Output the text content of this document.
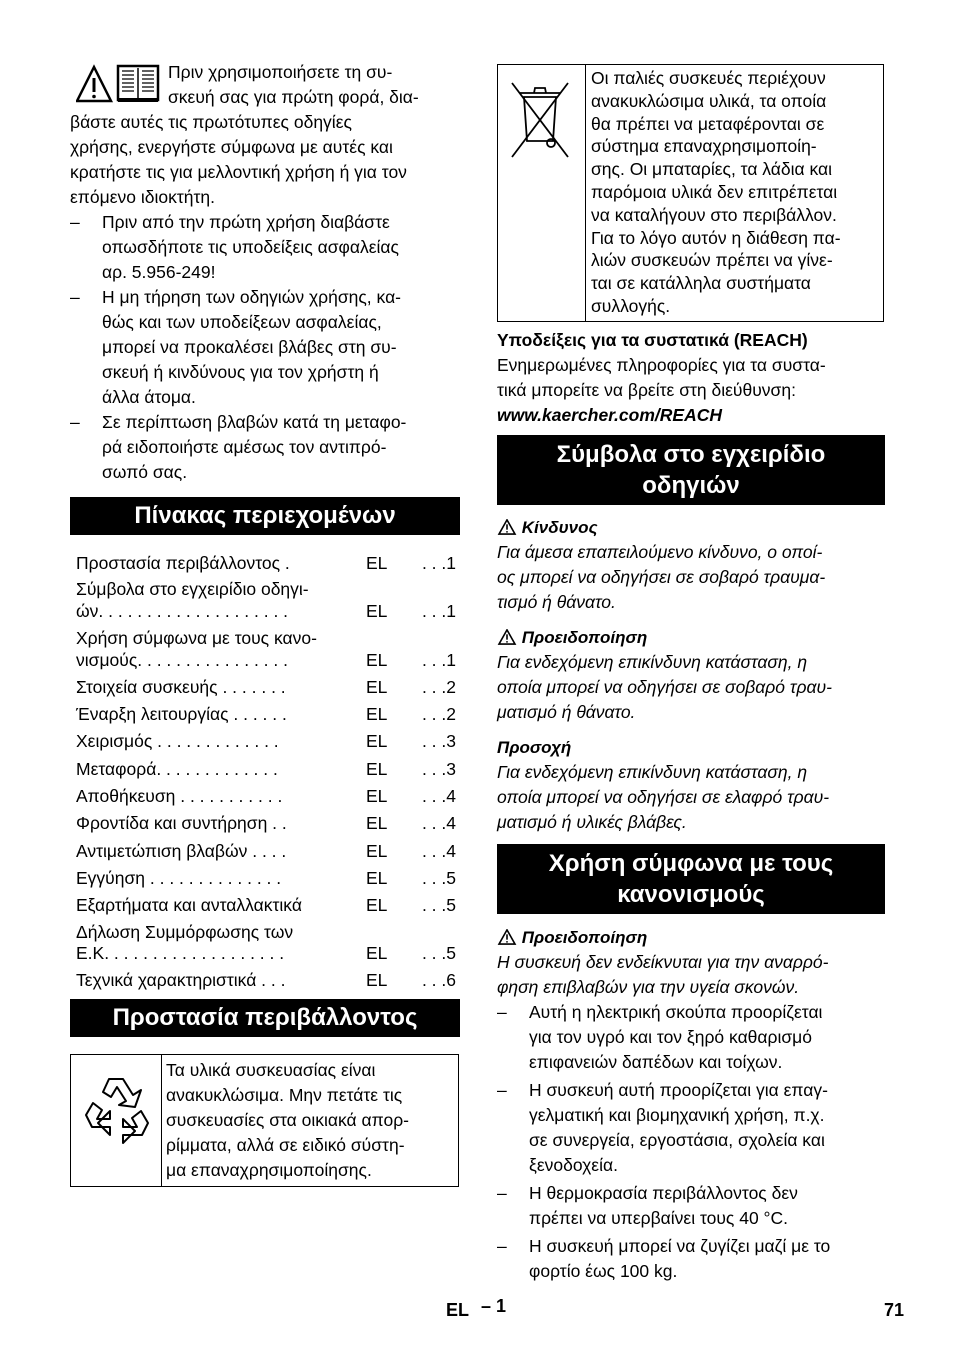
Πριν χρησιμοποιήσετε τη συ-

σκευή σας για πρώτη φορά, δια-

βάστε αυτές τις πρωτότυπες οδηγίες

χρήσης, ενεργήστε σύμφωνα με αυτές και

κρατήστε τις για μελλοντική χρήση ή για τον

επόμενο ιδιοκτήτη.

–	Πριν από την πρώτη χρήση διαβάστε
οπωσδήποτε τις υποδείξεις ασφαλείας
αρ. 5.956-249!
–	Η μη τήρηση των οδηγιών χρήσης, κα-
θώς και των υποδείξεων ασφαλείας,
μπορεί να προκαλέσει βλάβες στη συ-
σκευή ή κινδύνους για τον χρήστη ή
άλλα άτομα.
–	Σε περίπτωση βλαβών κατά τη μεταφο-
ρά ειδοποιήστε αμέσως τον αντιπρό-
σωπό σας.
Πίνακας περιεχομένων
Προστασία περιβάλλοντος .	EL	. . .1
Σύμβολα στο εγχειρίδιο οδηγι-
ών. . . . . . . . . . . . . . . . . . . .	EL	. . .1
Χρήση σύμφωνα με τους κανο-
νισμούς. . . . . . . . . . . . . . . .	EL	. . .1
Στοιχεία συσκευής . . . . . . .	EL	. . .2
Έναρξη λειτουργίας . . . . . .	EL	. . .2
Χειρισμός . . . . . . . . . . . . .	EL	. . .3
Μεταφορά. . . . . . . . . . . . .	EL	. . .3
Αποθήκευση . . . . . . . . . . .	EL	. . .4
Φροντίδα και συντήρηση . .	EL	. . .4
Αντιμετώπιση βλαβών . . . .	EL	. . .4
Εγγύηση . . . . . . . . . . . . . .	EL	. . .5
Εξαρτήματα και ανταλλακτικά	EL	. . .5
Δήλωση Συμμόρφωσης των
Ε.Κ. . . . . . . . . . . . . . . . . . .	EL	. . .5
Τεχνικά χαρακτηριστικά . . .	EL	. . .6
Προστασία περιβάλλοντος

Τα υλικά συσκευασίας είναι

ανακυκλώσιμα. Μην πετάτε τις

συσκευασίες στα οικιακά απορ-

ρίμματα, αλλά σε ειδικό σύστη-

μα επαναχρησιμοποίησης.

Οι παλιές συσκευές περιέχουν

ανακυκλώσιμα υλικά, τα οποία

θα πρέπει να μεταφέρονται σε

σύστημα επαναχρησιμοποίη-

σης. Οι μπαταρίες, τα λάδια και

παρόμοια υλικά δεν επιτρέπεται

να καταλήγουν στο περιβάλλον.

Για το λόγο αυτόν η διάθεση πα-

λιών συσκευών πρέπει να γίνε-

ται σε κατάλληλα συστήματα

συλλογής.

Υποδείξεις για τα συστατικά (REACH)

Ενημερωμένες πληροφορίες για τα συστα-

τικά μπορείτε να βρείτε στη διεύθυνση:

www.kaercher.com/REACH

Σύμβολα στο εγχειρίδιο
οδηγιών

Κίνδυνος

Για άμεσα επαπειλούμενο κίνδυνο, ο οποί-

ος μπορεί να οδηγήσει σε σοβαρό τραυμα-

τισμό ή θάνατο.

Προειδοποίηση

Για ενδεχόμενη επικίνδυνη κατάσταση, η

οποία μπορεί να οδηγήσει σε σοβαρό τραυ-

ματισμό ή θάνατο.

Προσοχή

Για ενδεχόμενη επικίνδυνη κατάσταση, η

οποία μπορεί να οδηγήσει σε ελαφρό τραυ-

ματισμό ή υλικές βλάβες.

Χρήση σύμφωνα με τους
κανονισμούς

Προειδοποίηση

Η συσκευή δεν ενδείκνυται για την αναρρό-

φηση επιβλαβών για την υγεία σκονών.

–	Αυτή η ηλεκτρική σκούπα προορίζεται
για τον υγρό και τον ξηρό καθαρισμό
επιφανειών δαπέδων και τοίχων.
–	Η συσκευή αυτή προορίζεται για επαγ-
γελματική και βιομηχανική χρήση, π.χ.
σε συνεργεία, εργοστάσια, σχολεία και
ξενοδοχεία.
–	Η θερμοκρασία περιβάλλοντος δεν
πρέπει να υπερβαίνει τους 40 °C.
–	Η συσκευή μπορεί να ζυγίζει μαζί με το
φορτίο έως 100 kg.
EL – 1	71
